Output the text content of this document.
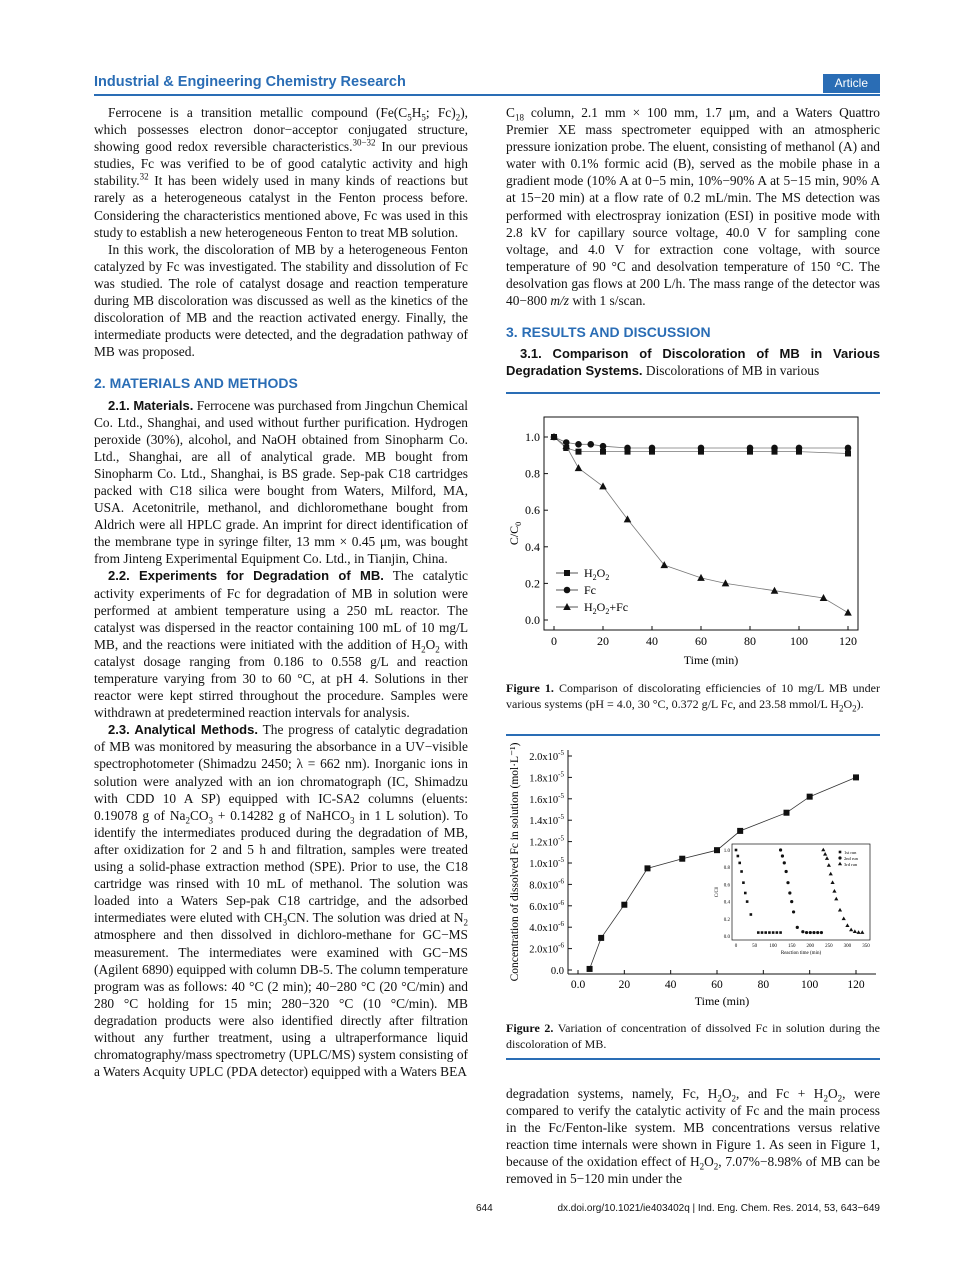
Industrial & Engineering Chemistry Research	Article

Ferrocene is a transition metallic compound ($Fe(C_5H_5$; $Fc)_2$), which possesses electron donor−acceptor conjugated structure, showing good redox reversible characteristics.$^{30-32}$ In our previous studies, Fc was verified to be of good catalytic activity and high stability.$^{32}$ It has been widely used in many kinds of reactions but rarely as a heterogeneous catalyst in the Fenton process before. Considering the characteristics mentioned above, Fc was used in this study to establish a new heterogeneous Fenton to treat MB solution.

In this work, the discoloration of MB by a heterogeneous Fenton catalyzed by Fc was investigated. The stability and dissolution of Fc was studied. The role of catalyst dosage and reaction temperature during MB discoloration was discussed as well as the kinetics of the discoloration of MB and the reaction activated energy. Finally, the intermediate products were detected, and the degradation pathway of MB was proposed.

2. MATERIALS AND METHODS

2.1. Materials. Ferrocene was purchased from Jingchun Chemical Co. Ltd., Shanghai, and used without further purification. Hydrogen peroxide (30%), alcohol, and NaOH obtained from Sinopharm Co. Ltd., Shanghai, are all of analytical grade. MB bought from Sinopharm Co. Ltd., Shanghai, is BS grade. Sep-pak C18 cartridges packed with C18 silica were bought from Waters, Milford, MA, USA. Acetonitrile, methanol, and dichloromethane bought from Aldrich were all HPLC grade. An imprint for direct identification of the membrane type in syringe filter, 13 mm × 0.45 μm, was bought from Jinteng Experimental Equipment Co. Ltd., in Tianjin, China.

2.2. Experiments for Degradation of MB. The catalytic activity experiments of Fc for degradation of MB in solution were performed at ambient temperature using a 250 mL reactor. The catalyst was dispersed in the reactor containing 100 mL of 10 mg/L MB, and the reactions were initiated with the addition of $H_2O_2$ with catalyst dosage ranging from 0.186 to 0.558 g/L and reaction temperature varying from 30 to 60 °C, at pH 4. Solutions in ther reactor were kept stirred throughout the procedure. Samples were withdrawn at predetermined reaction intervals for analysis.

2.3. Analytical Methods. The progress of catalytic degradation of MB was monitored by measuring the absorbance in a UV−visible spectrophotometer (Shimadzu 2450; λ = 662 nm). Inorganic ions in solution were analyzed with an ion chromatograph (IC, Shimadzu with CDD 10 A SP) equipped with IC-SA2 columns (eluents: 0.19078 g of $Na_2CO_3 + 0.14282$ g of NaHCO$_3$ in 1 L solution). To identify the intermediates produced during the degradation of MB, after oxidization for 2 and 5 h and filtration, samples were treated using a solid-phase extraction method (SPE). Prior to use, the C18 cartridge was rinsed with 10 mL of methanol. The solution was loaded into a Waters Sep-pak C18 cartridge, and the adsorbed intermediates were eluted with $CH_3CN$. The solution was dried at $N_2$ atmosphere and then dissolved in dichloro-methane for GC−MS measurement. The intermediates were examined with GC−MS (Agilent 6890) equipped with column DB-5. The column temperature program was as follows: 40 °C (2 min); 40−280 °C (20 °C/min) and 280 °C holding for 15 min; 280−320 °C (10 °C/min). MB degradation products were also identified directly after filtration without any further treatment, using a ultraperformance liquid chromatography/mass spectrometry (UPLC/MS) system consisting of a Waters Acquity UPLC (PDA detector) equipped with a Waters BEA

$C_{18}$ column, 2.1 mm × 100 mm, 1.7 μm, and a Waters Quattro Premier XE mass spectrometer equipped with an atmospheric pressure ionization probe. The eluent, consisting of methanol (A) and water with 0.1% formic acid (B), served as the mobile phase in a gradient mode (10% A at 0−5 min, 10%−90% A at 5−15 min, 90% A at 15−20 min) at a flow rate of 0.2 mL/min. The MS detection was performed with electrospray ionization (ESI) in positive mode with 2.8 kV for capillary source voltage, 40.0 V for sampling cone voltage, and 4.0 V for extraction cone voltage, with source temperature of 90 °C and desolvation temperature of 150 °C. The desolvation gas flows at 200 L/h. The mass range of the detector was 40−800 m/z with 1 s/scan.

3. RESULTS AND DISCUSSION

3.1. Comparison of Discoloration of MB in Various Degradation Systems. Discolorations of MB in various

0	20	40	60	80	100	120
0.0
0.2
0.4
0.6
0.8
1.0
Time (min)
$C/C_0$
$H_2O_2$
Fc
$H_2O_2+Fc$
Figure 1. Comparison of discolorating efficiencies of 10 mg/L MB under various systems (pH = 4.0, 30 °C, 0.372 g/L Fc, and 23.58 mmol/L $H_2O_2$).
0.0	20	40	60	80	100	120
0.0
$2.0x10^{-6}$
$4.0x10^{-6}$
$6.0x10^{-6}$
$8.0x10^{-6}$
$1.0x10^{-5}$
$1.2x10^{-5}$
$1.4x10^{-5}$
$1.6x10^{-5}$
$1.8x10^{-5}$
$2.0x10^{-5}$
Time (min)
Concentration of dissolved Fc in solution (mol·L⁻¹)	0	50 100 150 200 250 300 350
0.0
0.2
0.4
0.6
0.8
1.0
Reaction time (min)
C/C0
1st run
2nd run
3rd run
Figure 2. Variation of concentration of dissolved Fc in solution during the discoloration of MB.

degradation systems, namely, Fc, $H_2O_2$, and $Fc + H_2O_2$, were compared to verify the catalytic activity of Fc and the main process in the Fc/Fenton-like system. MB concentrations versus relative reaction time internals were shown in Figure 1. As seen in Figure 1, because of the oxidation effect of $H_2O_2$, 7.07%−8.98% of MB can be removed in 5−120 min under the

644	dx.doi.org/10.1021/ie403402q | Ind. Eng. Chem. Res. 2014, 53, 643−649
